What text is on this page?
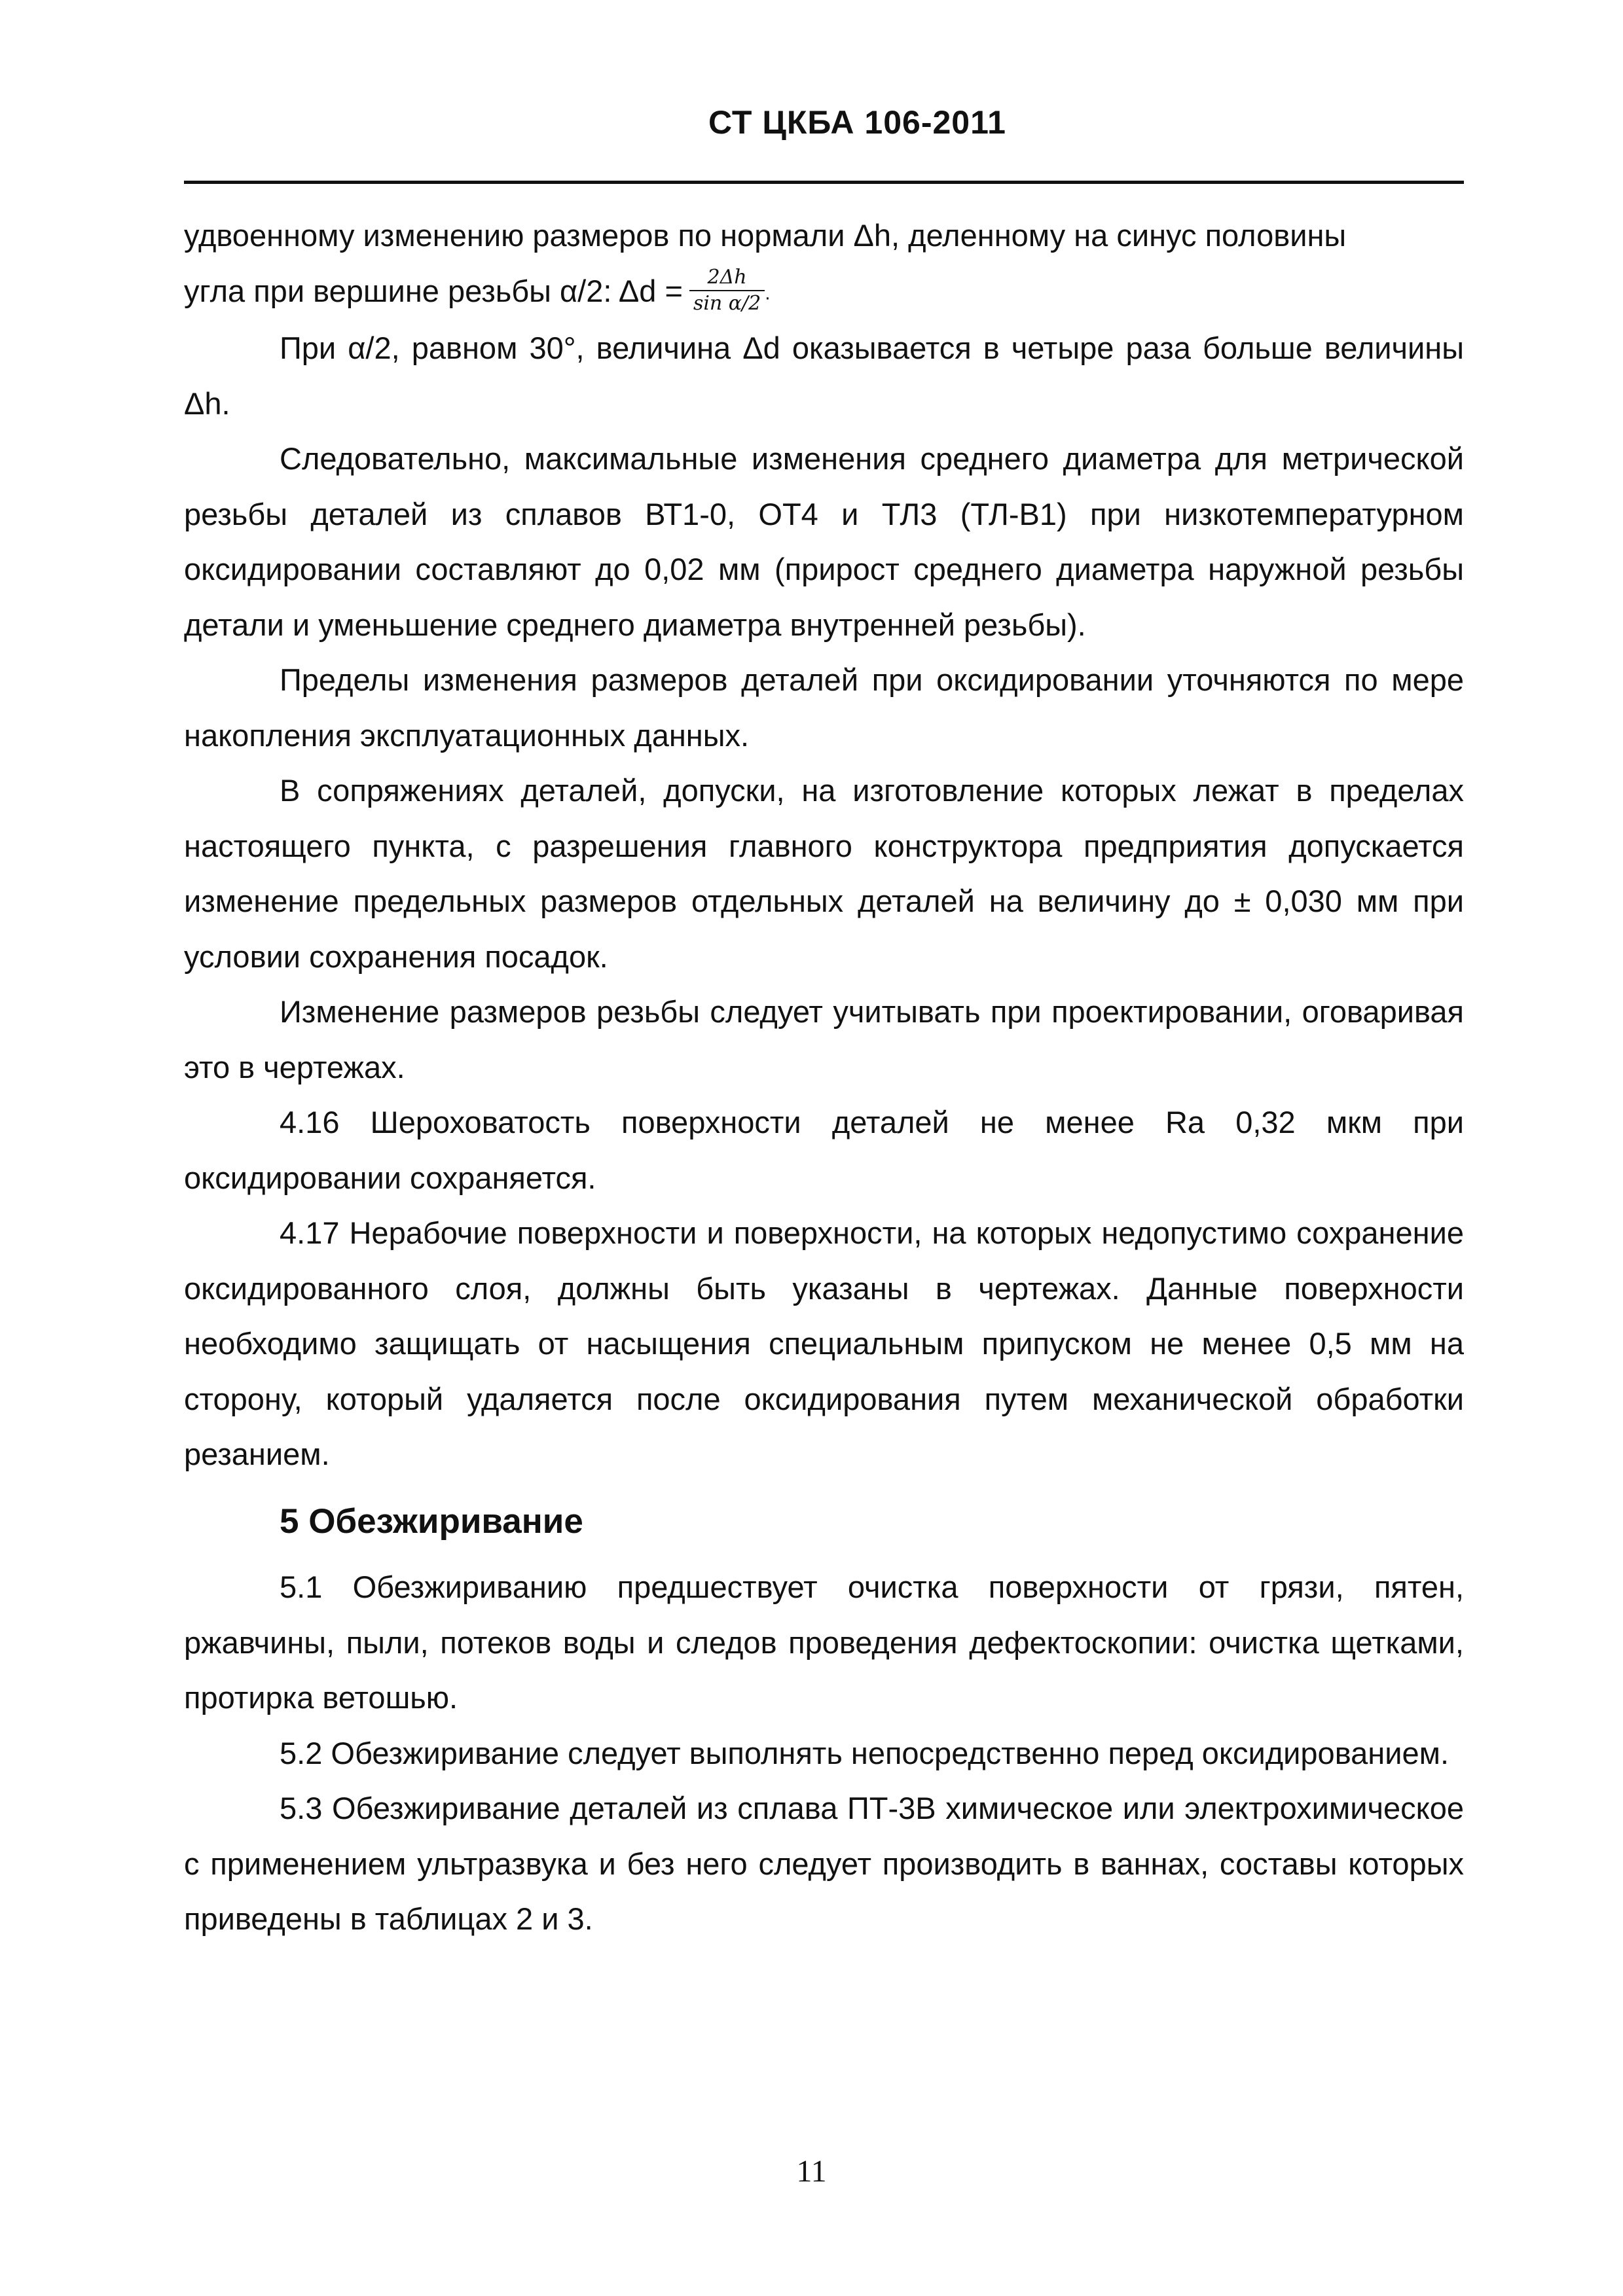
СТ ЦКБА 106-2011

удвоенному изменению размеров по нормали Δh, деленному на синус половины
угла при вершине резьбы α/2: $\Delta d = \frac{2\Delta h}{\text{sin α/2}}$ .

При α/2, равном 30°, величина Δd оказывается в четыре раза больше величины Δh.

Следовательно, максимальные изменения среднего диаметра для метрической резьбы деталей из сплавов ВТ1-0, ОТ4 и ТЛ3 (ТЛ-В1) при низкотемпературном оксидировании составляют до 0,02 мм (прирост среднего диаметра наружной резьбы детали и уменьшение среднего диаметра внутренней резьбы).

Пределы изменения размеров деталей при оксидировании уточняются по мере накопления эксплуатационных данных.

В сопряжениях деталей, допуски, на изготовление которых лежат в пределах настоящего пункта, с разрешения главного конструктора предприятия допускается изменение предельных размеров отдельных деталей на величину до ± 0,030 мм при условии сохранения посадок.

Изменение размеров резьбы следует учитывать при проектировании, оговаривая это в чертежах.

4.16 Шероховатость поверхности деталей не менее Ra 0,32 мкм при оксидировании сохраняется.

4.17 Нерабочие поверхности и поверхности, на которых недопустимо сохранение оксидированного слоя, должны быть указаны в чертежах. Данные поверхности необходимо защищать от насыщения специальным припуском не менее 0,5 мм на сторону, который удаляется после оксидирования путем механической обработки резанием.

5 Обезжиривание

5.1 Обезжириванию предшествует очистка поверхности от грязи, пятен, ржавчины, пыли, потеков воды и следов проведения дефектоскопии: очистка щетками, протирка ветошью.

5.2 Обезжиривание следует выполнять непосредственно перед оксидированием.

5.3 Обезжиривание деталей из сплава ПТ-3В химическое или электрохимическое с применением ультразвука и без него следует производить в ваннах, составы которых приведены в таблицах 2 и 3.

11
